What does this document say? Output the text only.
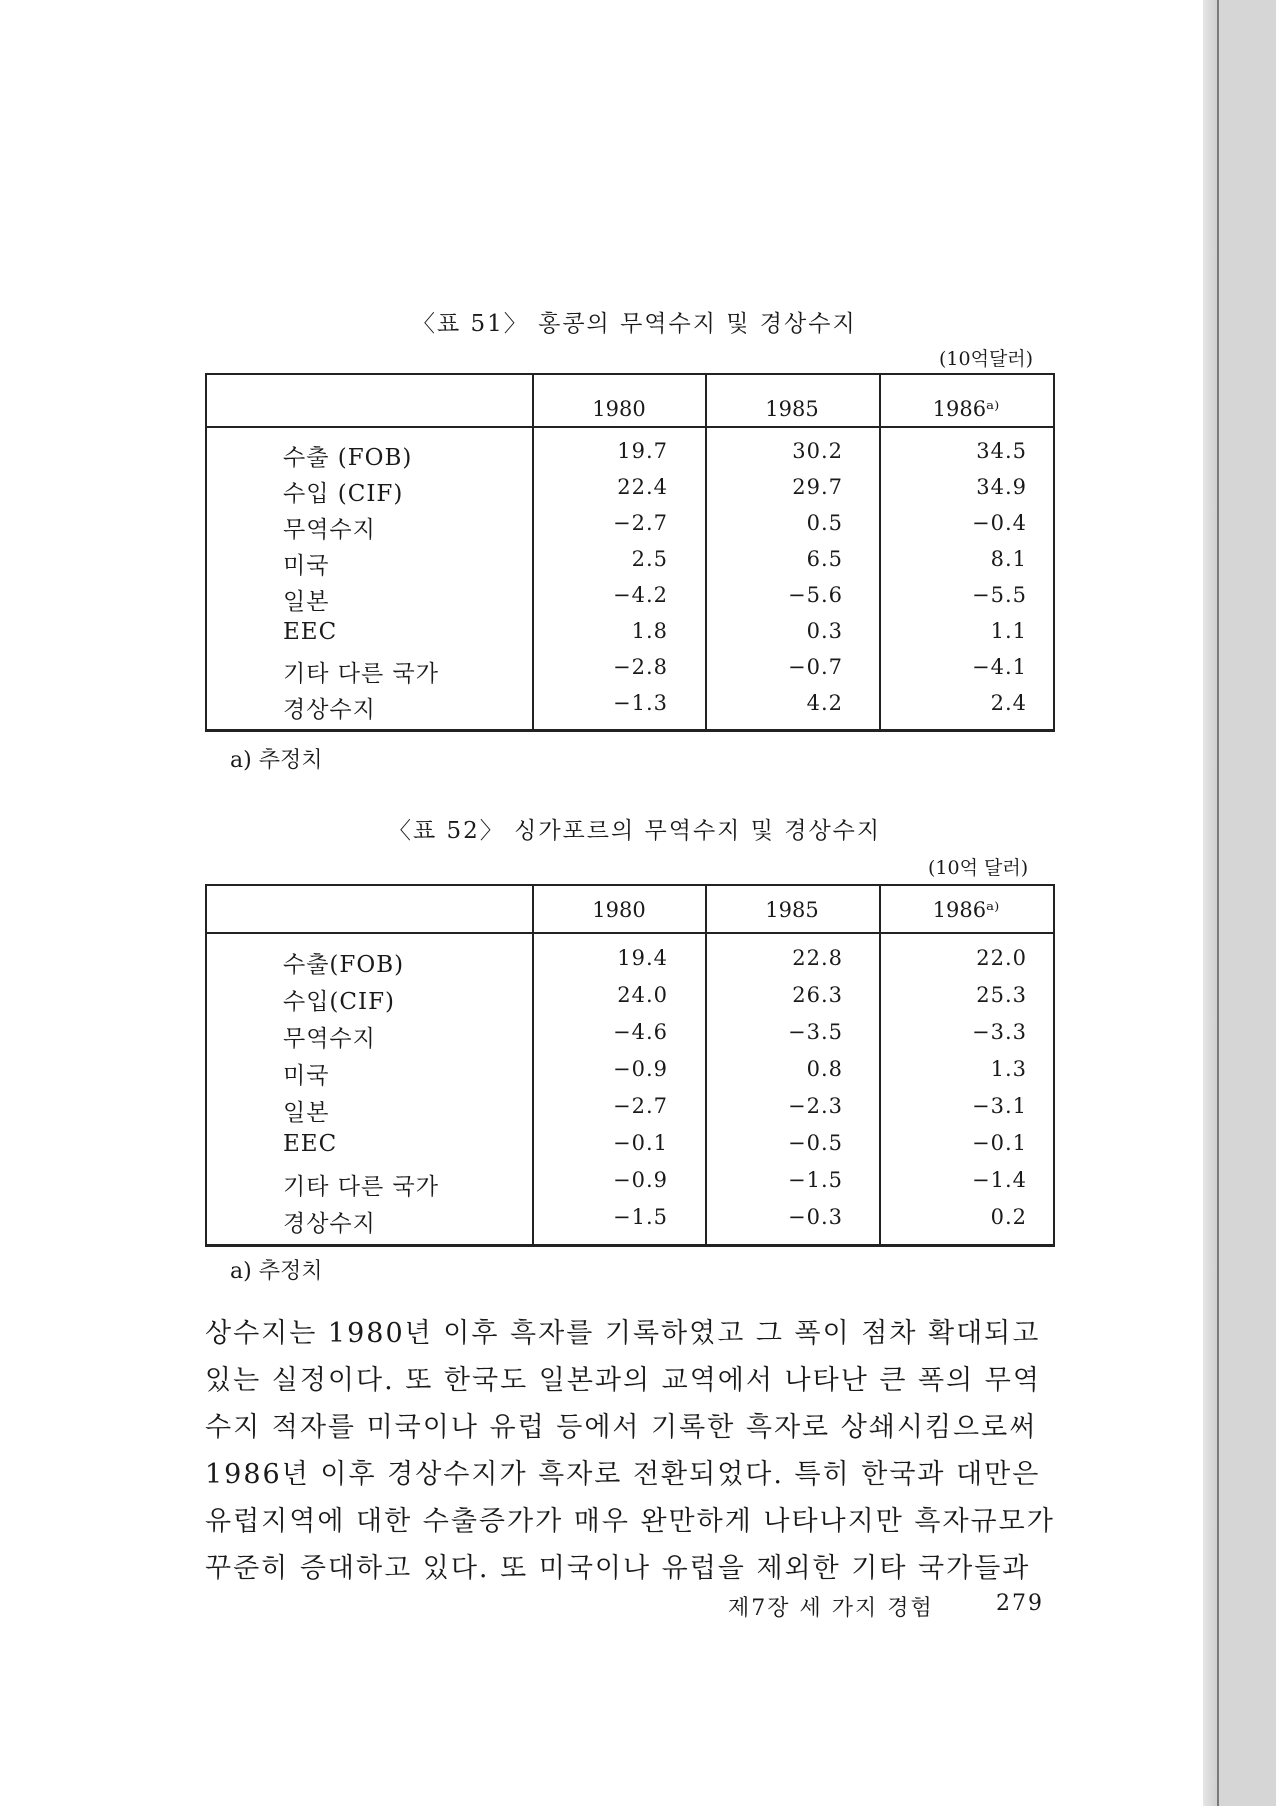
〈표 51〉 홍콩의 무역수지 및 경상수지
(10억달러)
1980	1985	1986ᵃ⁾
수출 (FOB)	19.7	30.2	34.5
수입 (CIF)	22.4	29.7	34.9
무역수지	−2.7	0.5	−0.4
미국	2.5	6.5	8.1
일본	−4.2	−5.6	−5.5
EEC	1.8	0.3	1.1
기타 다른 국가	−2.8	−0.7	−4.1
경상수지	−1.3	4.2	2.4
a) 추정치
〈표 52〉 싱가포르의 무역수지 및 경상수지
(10억 달러)
1980	1985	1986ᵃ⁾
수출(FOB)	19.4	22.8	22.0
수입(CIF)	24.0	26.3	25.3
무역수지	−4.6	−3.5	−3.3
미국	−0.9	0.8	1.3
일본	−2.7	−2.3	−3.1
EEC	−0.1	−0.5	−0.1
기타 다른 국가	−0.9	−1.5	−1.4
경상수지	−1.5	−0.3	0.2
a) 추정치
상수지는 1980년 이후 흑자를 기록하였고 그 폭이 점차 확대되고
있는 실정이다. 또 한국도 일본과의 교역에서 나타난 큰 폭의 무역
수지 적자를 미국이나 유럽 등에서 기록한 흑자로 상쇄시킴으로써
1986년 이후 경상수지가 흑자로 전환되었다. 특히 한국과 대만은
유럽지역에 대한 수출증가가 매우 완만하게 나타나지만 흑자규모가
꾸준히 증대하고 있다. 또 미국이나 유럽을 제외한 기타 국가들과
제7장 세 가지 경험	279
